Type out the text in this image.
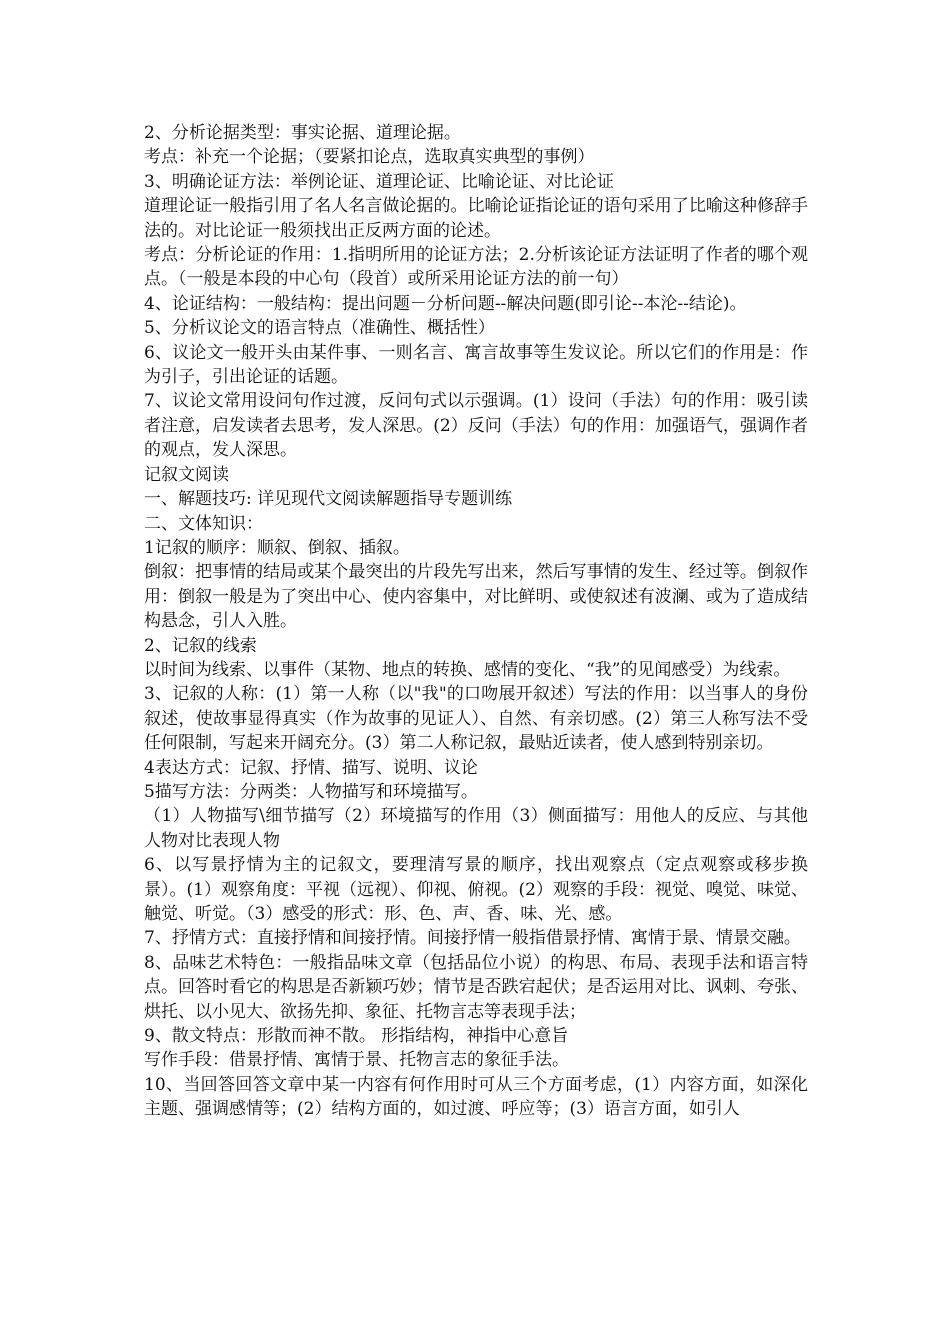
2、分析论据类型：事实论据、道理论据。

考点：补充一个论据；（要紧扣论点，选取真实典型的事例）

3、明确论证方法：举例论证、道理论证、比喻论证、对比论证

道理论证一般指引用了名人名言做论据的。比喻论证指论证的语句采用了比喻这种修辞手法的。对比论证一般须找出正反两方面的论述。

考点：分析论证的作用：1.指明所用的论证方法；2.分析该论证方法证明了作者的哪个观点。（一般是本段的中心句（段首）或所采用论证方法的前一句）

4、论证结构：一般结构：提出问题－分析问题--解决问题(即引论--本沦--结论)。

5、分析议论文的语言特点（准确性、概括性）

6、议论文一般开头由某件事、一则名言、寓言故事等生发议论。所以它们的作用是：作为引子，引出论证的话题。

7、议论文常用设问句作过渡，反问句式以示强调。(1）设问（手法）句的作用：吸引读者注意，启发读者去思考，发人深思。(2）反问（手法）句的作用：加强语气，强调作者的观点，发人深思。

记叙文阅读

一、解题技巧: 详见现代文阅读解题指导专题训练

二、文体知识：

1记叙的顺序：顺叙、倒叙、插叙。

倒叙：把事情的结局或某个最突出的片段先写出来，然后写事情的发生、经过等。倒叙作用：倒叙一般是为了突出中心、使内容集中，对比鲜明、或使叙述有波澜、或为了造成结构悬念，引人入胜。

2、记叙的线索

以时间为线索、以事件（某物、地点的转换、感情的变化、“我”的见闻感受）为线索。

3、记叙的人称：(1）第一人称（以"我"的口吻展开叙述）写法的作用：以当事人的身份叙述，使故事显得真实（作为故事的见证人）、自然、有亲切感。(2）第三人称写法不受任何限制，写起来开阔充分。(3）第二人称记叙，最贴近读者，使人感到特别亲切。

4表达方式：记叙、抒情、描写、说明、议论

5描写方法：分两类：人物描写和环境描写。

（1）人物描写\细节描写（2）环境描写的作用（3）侧面描写：用他人的反应、与其他人物对比表现人物

6、以写景抒情为主的记叙文，要理清写景的顺序，找出观察点（定点观察或移步换景）。(1）观察角度：平视（远视）、仰视、俯视。(2）观察的手段：视觉、嗅觉、味觉、触觉、听觉。（3）感受的形式：形、色、声、香、味、光、感。

7、抒情方式：直接抒情和间接抒情。间接抒情一般指借景抒情、寓情于景、情景交融。

8、品味艺术特色：一般指品味文章（包括品位小说）的构思、布局、表现手法和语言特点。回答时看它的构思是否新颖巧妙；情节是否跌宕起伏；是否运用对比、讽刺、夸张、烘托、以小见大、欲扬先抑、象征、托物言志等表现手法；

9、散文特点：形散而神不散。 形指结构，神指中心意旨

写作手段：借景抒情、寓情于景、托物言志的象征手法。

10、当回答回答文章中某一内容有何作用时可从三个方面考虑，(1）内容方面，如深化主题、强调感情等；(2）结构方面的，如过渡、呼应等；(3）语言方面，如引人
